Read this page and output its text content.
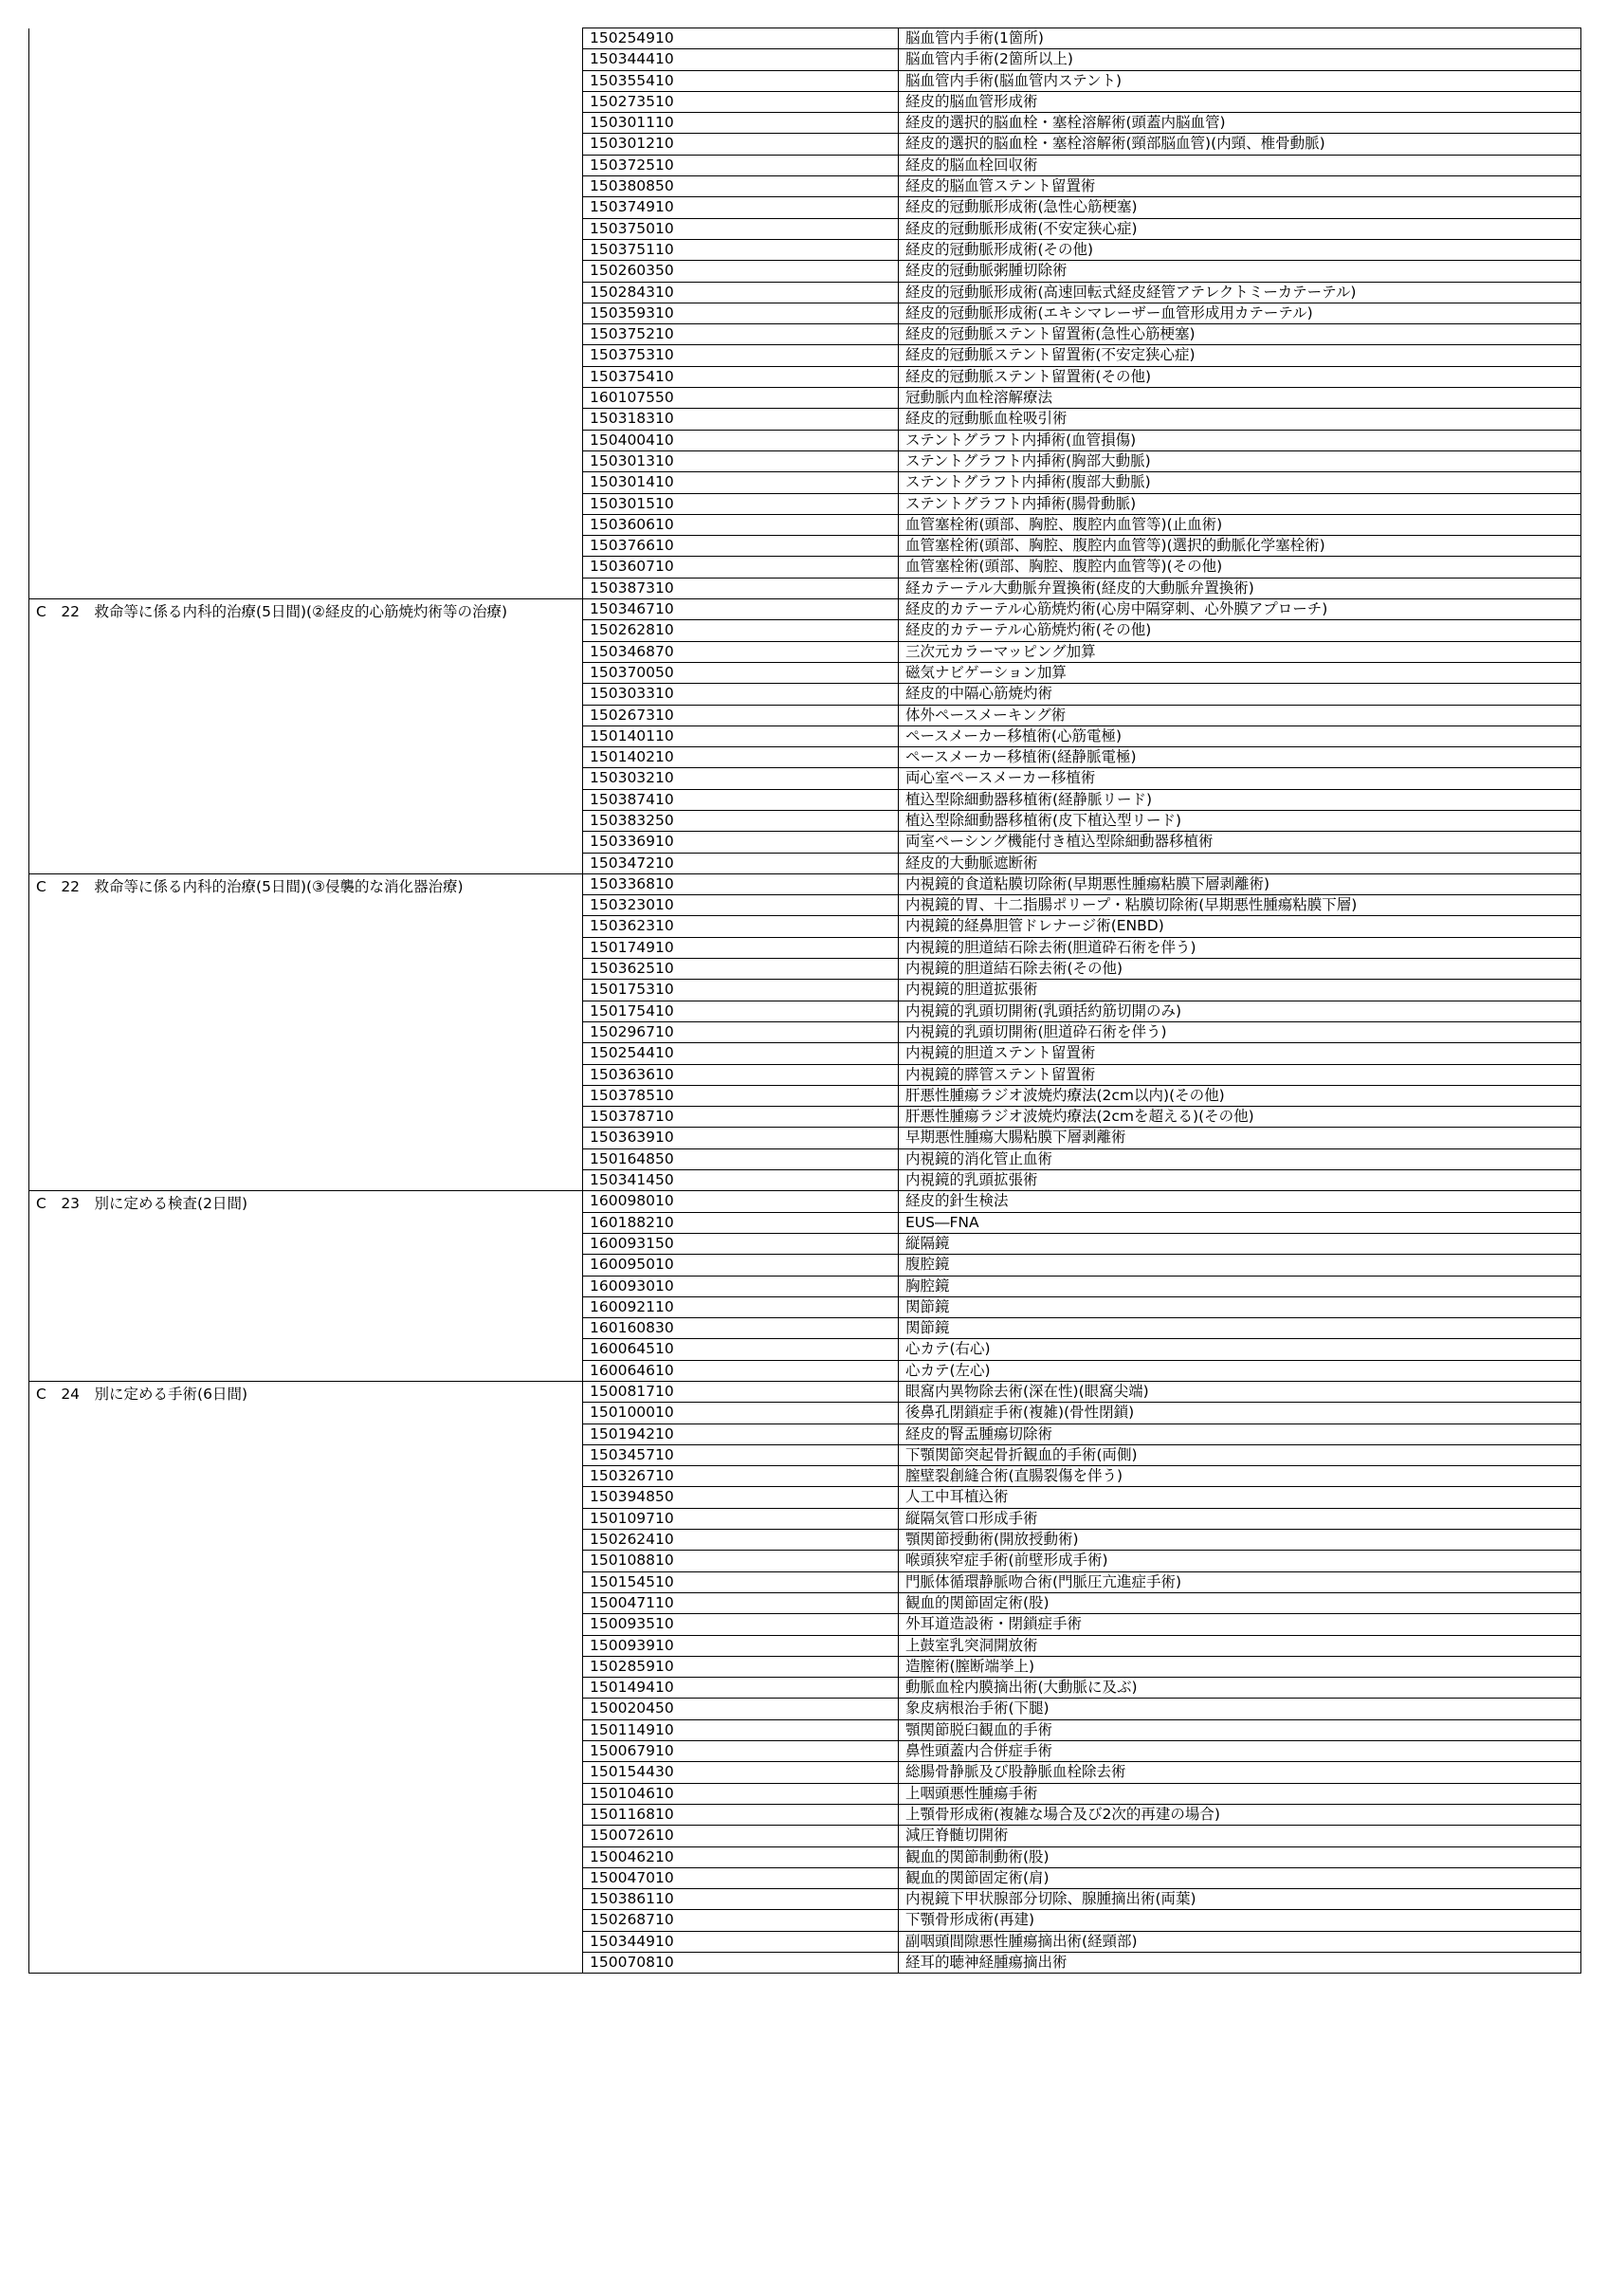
	150254910	脳血管内手術(1箇所)
	150344410	脳血管内手術(2箇所以上)
	150355410	脳血管内手術(脳血管内ステント)
	150273510	経皮的脳血管形成術
	150301110	経皮的選択的脳血栓・塞栓溶解術(頭蓋内脳血管)
	150301210	経皮的選択的脳血栓・塞栓溶解術(頸部脳血管)(内頸、椎骨動脈)
	150372510	経皮的脳血栓回収術
	150380850	経皮的脳血管ステント留置術
	150374910	経皮的冠動脈形成術(急性心筋梗塞)
	150375010	経皮的冠動脈形成術(不安定狭心症)
	150375110	経皮的冠動脈形成術(その他)
	150260350	経皮的冠動脈粥腫切除術
	150284310	経皮的冠動脈形成術(高速回転式経皮経管アテレクトミーカテーテル)
	150359310	経皮的冠動脈形成術(エキシマレーザー血管形成用カテーテル)
	150375210	経皮的冠動脈ステント留置術(急性心筋梗塞)
	150375310	経皮的冠動脈ステント留置術(不安定狭心症)
	150375410	経皮的冠動脈ステント留置術(その他)
	160107550	冠動脈内血栓溶解療法
	150318310	経皮的冠動脈血栓吸引術
	150400410	ステントグラフト内挿術(血管損傷)
	150301310	ステントグラフト内挿術(胸部大動脈)
	150301410	ステントグラフト内挿術(腹部大動脈)
	150301510	ステントグラフト内挿術(腸骨動脈)
	150360610	血管塞栓術(頭部、胸腔、腹腔内血管等)(止血術)
	150376610	血管塞栓術(頭部、胸腔、腹腔内血管等)(選択的動脈化学塞栓術)
	150360710	血管塞栓術(頭部、胸腔、腹腔内血管等)(その他)
	150387310	経カテーテル大動脈弁置換術(経皮的大動脈弁置換術)
C　22　救命等に係る内科的治療(5日間)(②経皮的心筋焼灼術等の治療)	150346710	経皮的カテーテル心筋焼灼術(心房中隔穿刺、心外膜アプローチ)
	150262810	経皮的カテーテル心筋焼灼術(その他)
	150346870	三次元カラーマッピング加算
	150370050	磁気ナビゲーション加算
	150303310	経皮的中隔心筋焼灼術
	150267310	体外ペースメーキング術
	150140110	ペースメーカー移植術(心筋電極)
	150140210	ペースメーカー移植術(経静脈電極)
	150303210	両心室ペースメーカー移植術
	150387410	植込型除細動器移植術(経静脈リード)
	150383250	植込型除細動器移植術(皮下植込型リード)
	150336910	両室ペーシング機能付き植込型除細動器移植術
	150347210	経皮的大動脈遮断術
C　22　救命等に係る内科的治療(5日間)(③侵襲的な消化器治療)	150336810	内視鏡的食道粘膜切除術(早期悪性腫瘍粘膜下層剥離術)
	150323010	内視鏡的胃、十二指腸ポリープ・粘膜切除術(早期悪性腫瘍粘膜下層)
	150362310	内視鏡的経鼻胆管ドレナージ術(ENBD)
	150174910	内視鏡的胆道結石除去術(胆道砕石術を伴う)
	150362510	内視鏡的胆道結石除去術(その他)
	150175310	内視鏡的胆道拡張術
	150175410	内視鏡的乳頭切開術(乳頭括約筋切開のみ)
	150296710	内視鏡的乳頭切開術(胆道砕石術を伴う)
	150254410	内視鏡的胆道ステント留置術
	150363610	内視鏡的膵管ステント留置術
	150378510	肝悪性腫瘍ラジオ波焼灼療法(2cm以内)(その他)
	150378710	肝悪性腫瘍ラジオ波焼灼療法(2cmを超える)(その他)
	150363910	早期悪性腫瘍大腸粘膜下層剥離術
	150164850	内視鏡的消化管止血術
	150341450	内視鏡的乳頭拡張術
C　23　別に定める検査(2日間)	160098010	経皮的針生検法
	160188210	EUS―FNA
	160093150	縦隔鏡
	160095010	腹腔鏡
	160093010	胸腔鏡
	160092110	関節鏡
	160160830	関節鏡
	160064510	心カテ(右心)
	160064610	心カテ(左心)
C　24　別に定める手術(6日間)	150081710	眼窩内異物除去術(深在性)(眼窩尖端)
	150100010	後鼻孔閉鎖症手術(複雑)(骨性閉鎖)
	150194210	経皮的腎盂腫瘍切除術
	150345710	下顎関節突起骨折観血的手術(両側)
	150326710	膣壁裂創縫合術(直腸裂傷を伴う)
	150394850	人工中耳植込術
	150109710	縦隔気管口形成手術
	150262410	顎関節授動術(開放授動術)
	150108810	喉頭狭窄症手術(前壁形成手術)
	150154510	門脈体循環静脈吻合術(門脈圧亢進症手術)
	150047110	観血的関節固定術(股)
	150093510	外耳道造設術・閉鎖症手術
	150093910	上鼓室乳突洞開放術
	150285910	造膣術(膣断端挙上)
	150149410	動脈血栓内膜摘出術(大動脈に及ぶ)
	150020450	象皮病根治手術(下腿)
	150114910	顎関節脱臼観血的手術
	150067910	鼻性頭蓋内合併症手術
	150154430	総腸骨静脈及び股静脈血栓除去術
	150104610	上咽頭悪性腫瘍手術
	150116810	上顎骨形成術(複雑な場合及び2次的再建の場合)
	150072610	減圧脊髄切開術
	150046210	観血的関節制動術(股)
	150047010	観血的関節固定術(肩)
	150386110	内視鏡下甲状腺部分切除、腺腫摘出術(両葉)
	150268710	下顎骨形成術(再建)
	150344910	副咽頭間隙悪性腫瘍摘出術(経頸部)
	150070810	経耳的聴神経腫瘍摘出術
